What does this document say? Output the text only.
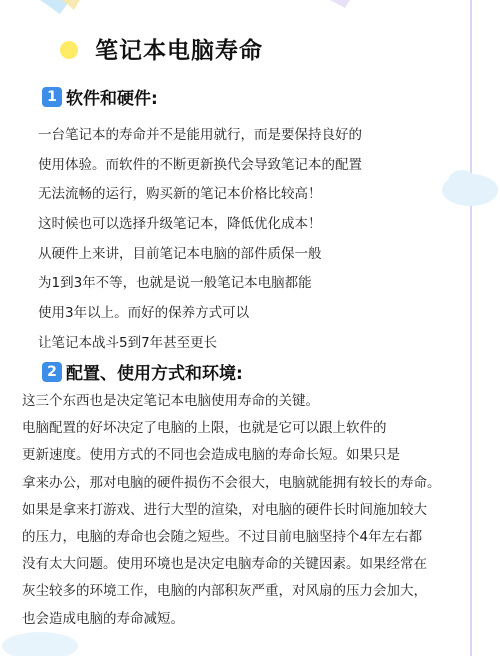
笔记本电脑寿命
1 软件和硬件:
一台笔记本的寿命并不是能用就行，而是要保持良好的
使用体验。而软件的不断更新换代会导致笔记本的配置
无法流畅的运行，购买新的笔记本价格比较高！
这时候也可以选择升级笔记本，降低优化成本！
从硬件上来讲，目前笔记本电脑的部件质保一般
为1到3年不等，也就是说一般笔记本电脑都能
使用3年以上。而好的保养方式可以
让笔记本战斗5到7年甚至更长
2 配置、使用方式和环境:
这三个东西也是决定笔记本电脑使用寿命的关键。
电脑配置的好坏决定了电脑的上限，也就是它可以跟上软件的
更新速度。使用方式的不同也会造成电脑的寿命长短。如果只是
拿来办公，那对电脑的硬件损伤不会很大，电脑就能拥有较长的寿命。
如果是拿来打游戏、进行大型的渲染，对电脑的硬件长时间施加较大
的压力，电脑的寿命也会随之短些。不过目前电脑坚持个4年左右都
没有太大问题。使用环境也是决定电脑寿命的关键因素。如果经常在
灰尘较多的环境工作，电脑的内部积灰严重，对风扇的压力会加大，
也会造成电脑的寿命减短。
